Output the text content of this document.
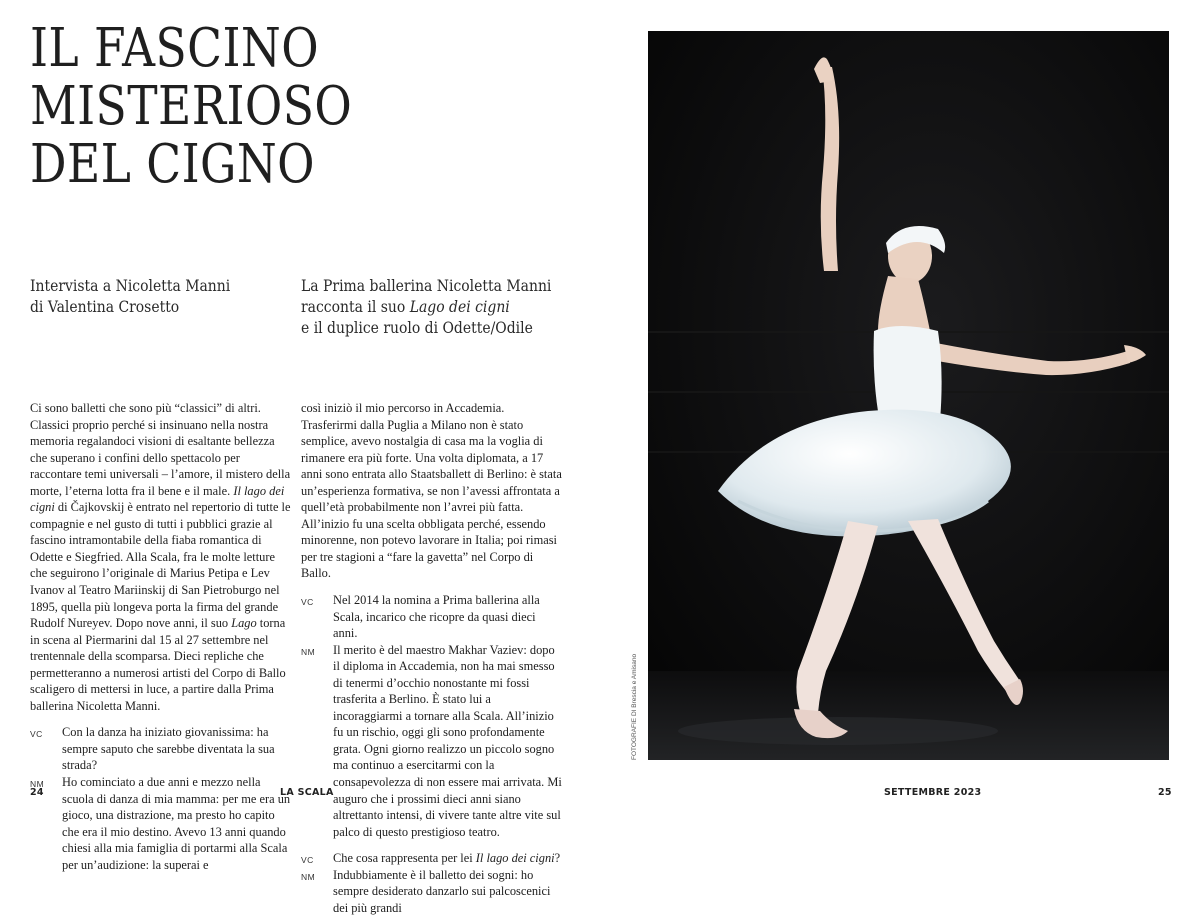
IL FASCINO
MISTERIOSO
DEL CIGNO
Intervista a Nicoletta Manni
di Valentina Crosetto
La Prima ballerina Nicoletta Manni
racconta il suo Lago dei cigni
e il duplice ruolo di Odette/Odile

Ci sono balletti che sono più “classici” di altri. Classici proprio perché si insinuano nella nostra memoria regalandoci visioni di esaltante bellezza che superano i confini dello spettacolo per raccontare temi universali – l’amore, il mistero della morte, l’eterna lotta fra il bene e il male. Il lago dei cigni di Čajkovskij è entrato nel repertorio di tutte le compagnie e nel gusto di tutti i pubblici grazie al fascino intramontabile della fiaba romantica di Odette e Siegfried. Alla Scala, fra le molte letture che seguirono l’originale di Marius Petipa e Lev Ivanov al Teatro Mariinskij di San Pietroburgo nel 1895, quella più longeva porta la firma del grande Rudolf Nureyev. Dopo nove anni, il suo Lago torna in scena al Piermarini dal 15 al 27 settembre nel trentennale della scomparsa. Dieci repliche che permetteranno a numerosi artisti del Corpo di Ballo scaligero di mettersi in luce, a partire dalla Prima ballerina Nicoletta Manni.

VC Con la danza ha iniziato giovanissima: ha sempre saputo che sarebbe diventata la sua strada?

NM Ho cominciato a due anni e mezzo nella scuola di danza di mia mamma: per me era un gioco, una distrazione, ma presto ho capito che era il mio destino. Avevo 13 anni quando chiesi alla mia famiglia di portarmi alla Scala per un’audizione: la superai e

così iniziò il mio percorso in Accademia. Trasferirmi dalla Puglia a Milano non è stato semplice, avevo nostalgia di casa ma la voglia di rimanere era più forte. Una volta diplomata, a 17 anni sono entrata allo Staatsballett di Berlino: è stata un’esperienza formativa, se non l’avessi affrontata a quell’età probabilmente non l’avrei più fatta. All’inizio fu una scelta obbligata perché, essendo minorenne, non potevo lavorare in Italia; poi rimasi per tre stagioni a “fare la gavetta” nel Corpo di Ballo.

VC Nel 2014 la nomina a Prima ballerina alla Scala, incarico che ricopre da quasi dieci anni.

NM Il merito è del maestro Makhar Vaziev: dopo il diploma in Accademia, non ha mai smesso di tenermi d’occhio nonostante mi fossi trasferita a Berlino. È stato lui a incoraggiarmi a tornare alla Scala. All’inizio fu un rischio, oggi gli sono profondamente grata. Ogni giorno realizzo un piccolo sogno ma continuo a esercitarmi con la consapevolezza di non essere mai arrivata. Mi auguro che i prossimi dieci anni siano altrettanto intensi, di vivere tante altre vite sul palco di questo prestigioso teatro.

VC Che cosa rappresenta per lei Il lago dei cigni?

NM Indubbiamente è il balletto dei sogni: ho sempre desiderato danzarlo sui palcoscenici dei più grandi

FOTOGRAFIE DI Brescia e Amisano
24	LA SCALA	SETTEMBRE 2023	25
